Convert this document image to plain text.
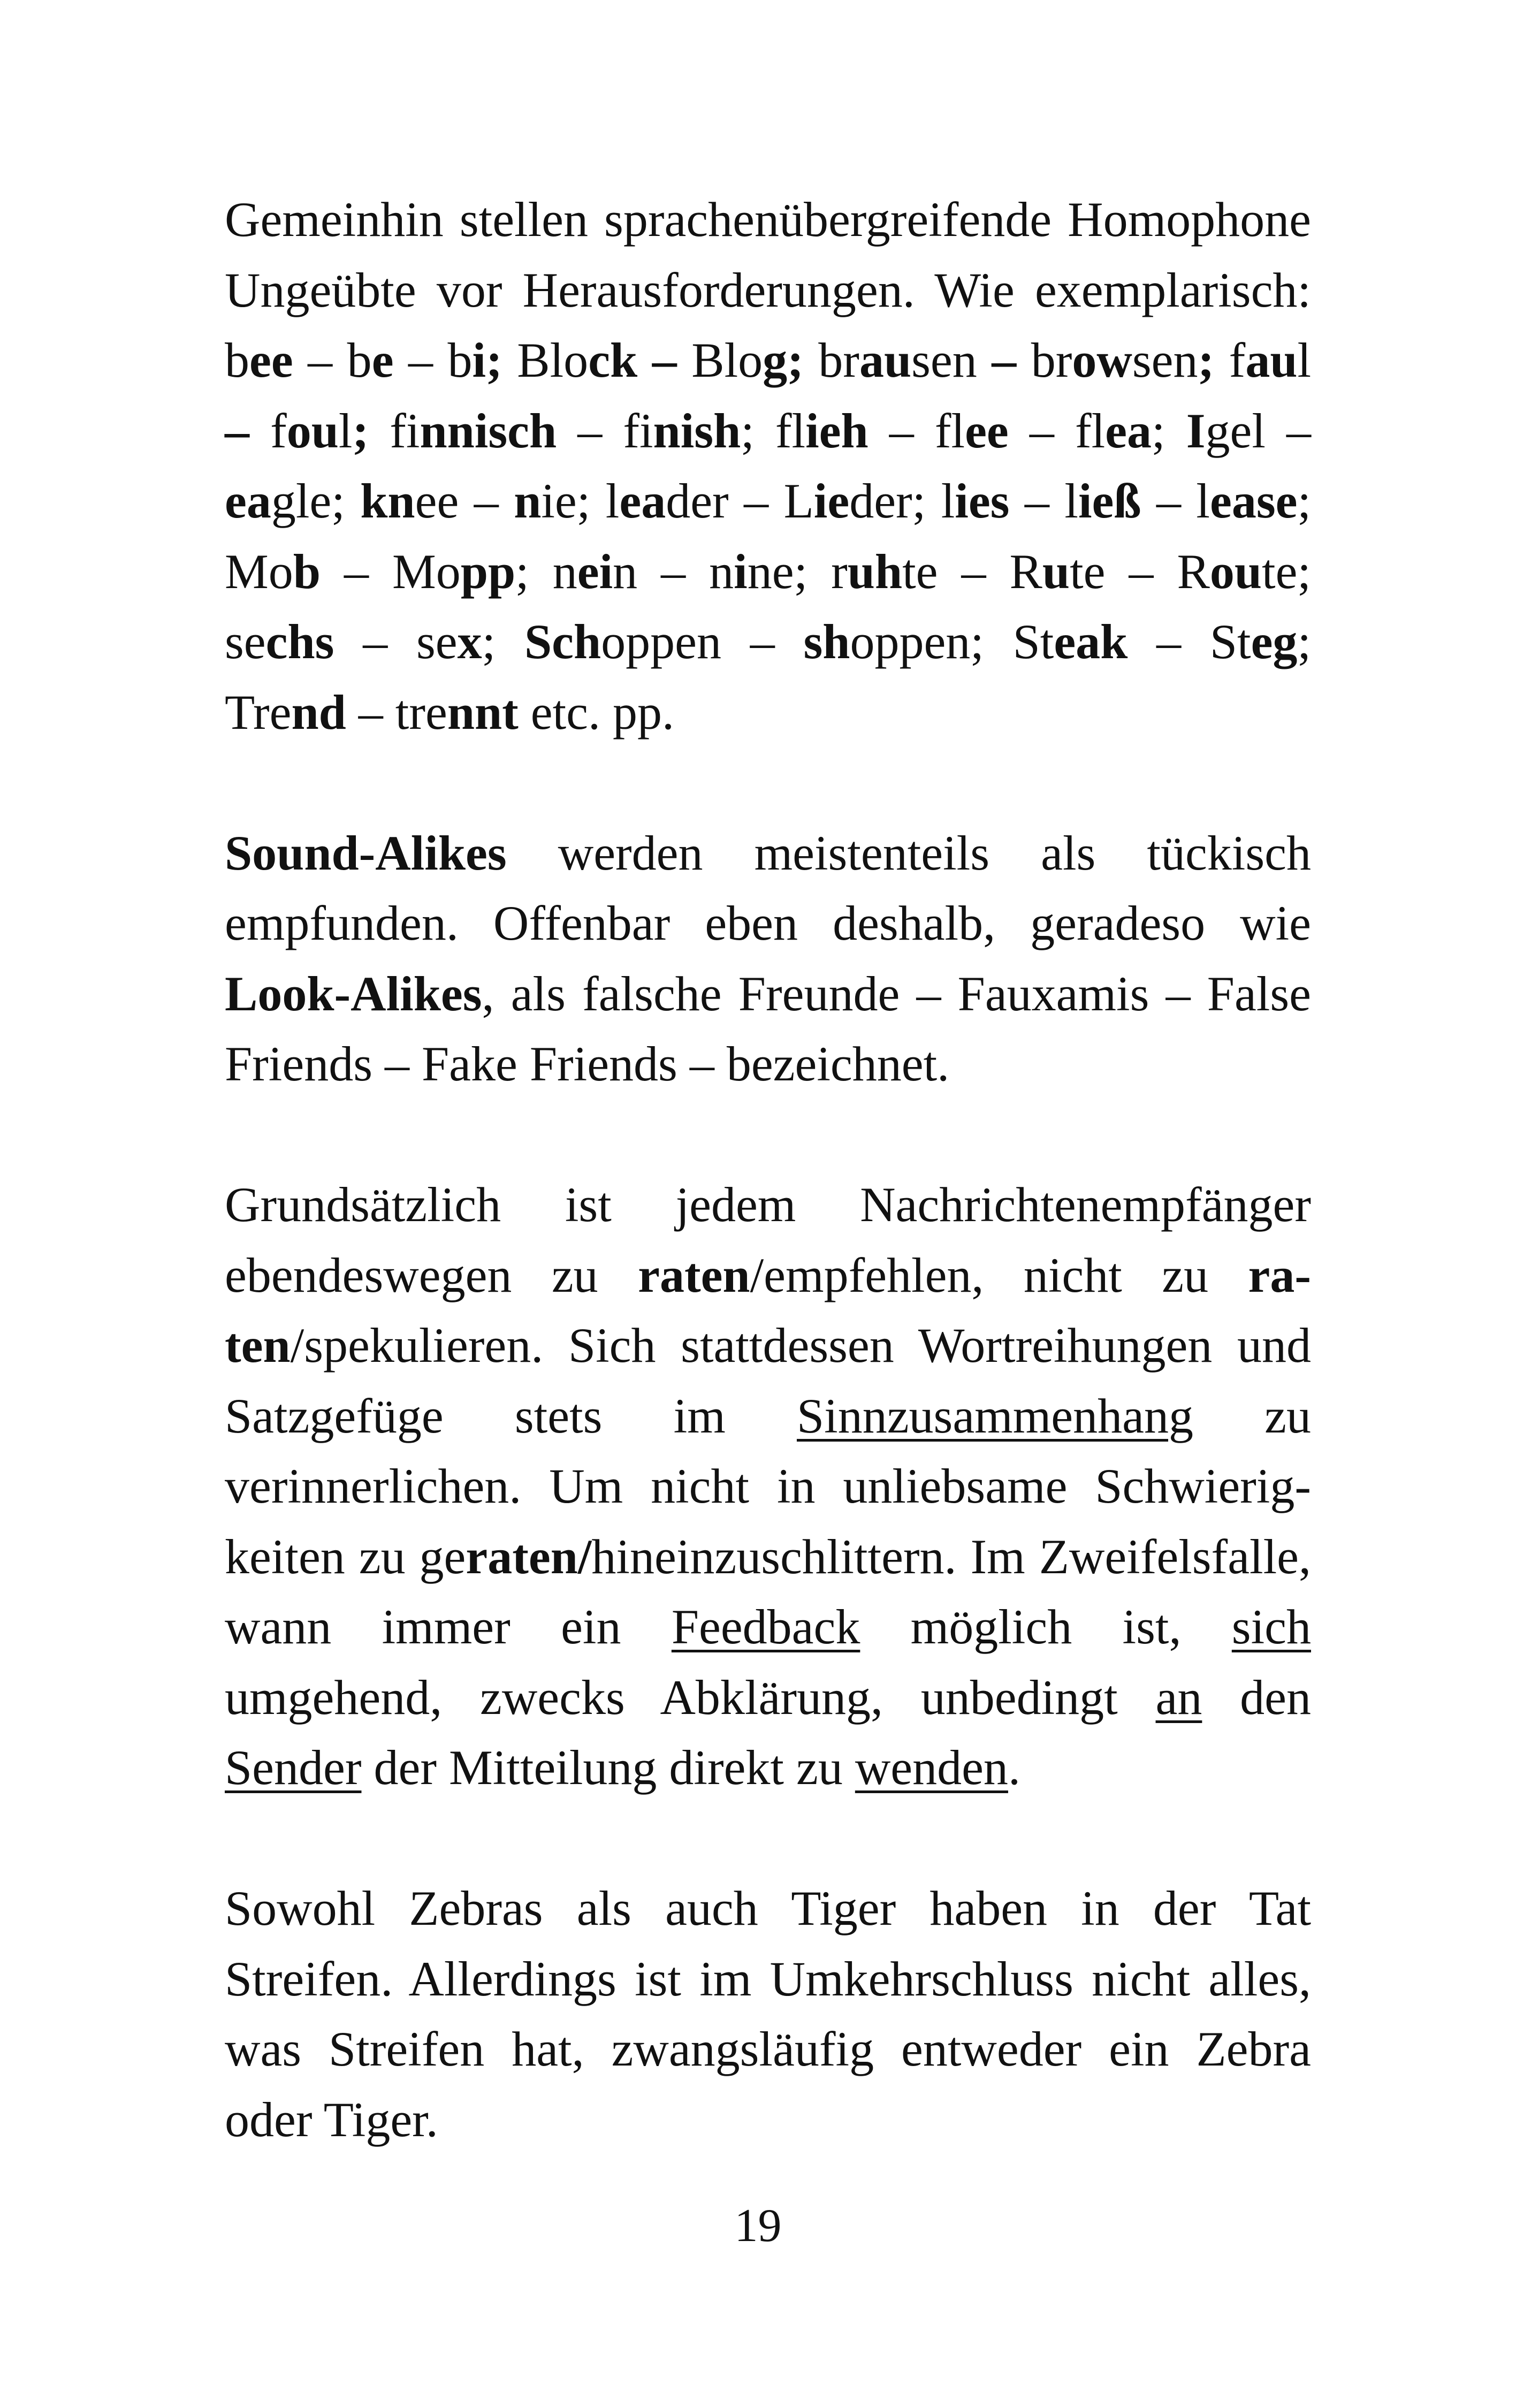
Gemeinhin stellen sprachenübergreifende Homophone Ungeübte vor Herausforderungen. Wie exemplarisch: bee – be – bi; Block – Blog; brausen – browsen; faul – foul; finnisch – finish; flieh – flee – flea; Igel – eagle; knee – nie; leader – Lieder; lies – ließ – lease; Mob – Mopp; nein – nine; ruhte – Rute – Route; sechs – sex; Schoppen – shoppen; Steak – Steg; Trend – trennt etc. pp.

Sound-Alikes werden meistenteils als tückisch empfunden. Offenbar eben deshalb, geradeso wie Look-Alikes, als falsche Freunde – Fauxamis – False Friends – Fake Friends – bezeichnet.

Grundsätzlich ist jedem Nachrichtenempfänger ebendeswegen zu raten/empfehlen, nicht zu raten/spekulieren. Sich stattdessen Wortreihungen und Satzgefüge stets im Sinnzusammenhang zu verinnerlichen. Um nicht in unliebsame Schwierigkeiten zu geraten/hineinzuschlittern. Im Zweifelsfalle, wann immer ein Feedback möglich ist, sich umgehend, zwecks Abklärung, unbedingt an den Sender der Mitteilung direkt zu wenden.

Sowohl Zebras als auch Tiger haben in der Tat Streifen. Allerdings ist im Umkehrschluss nicht alles, was Streifen hat, zwangsläufig entweder ein Zebra oder Tiger.

19
